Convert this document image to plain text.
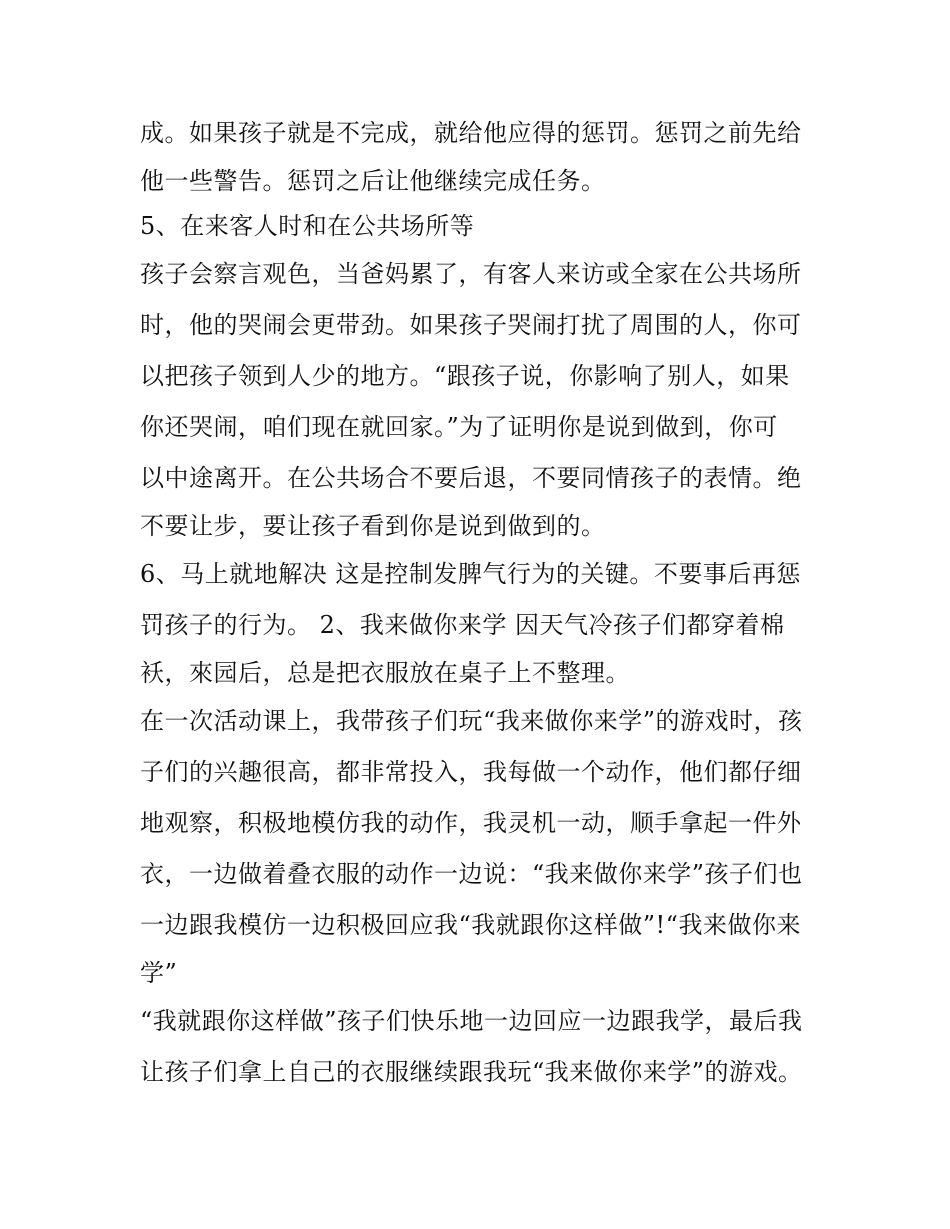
成。如果孩子就是不完成，就给他应得的惩罚。惩罚之前先给
他一些警告。惩罚之后让他继续完成任务。
5、在来客人时和在公共场所等
孩子会察言观色，当爸妈累了，有客人来访或全家在公共场所
时，他的哭闹会更带劲。如果孩子哭闹打扰了周围的人，你可
以把孩子领到人少的地方。“跟孩子说，你影响了别人，如果
你还哭闹，咱们现在就回家。”为了证明你是说到做到，你可
以中途离开。在公共场合不要后退，不要同情孩子的表情。绝
不要让步，要让孩子看到你是说到做到的。
6、马上就地解决 这是控制发脾气行为的关键。不要事后再惩
罚孩子的行为。 2、我来做你来学 因天气冷孩子们都穿着棉
袄，來园后，总是把衣服放在桌子上不整理。
在一次活动课上，我带孩子们玩“我来做你来学”的游戏时，孩
子们的兴趣很高，都非常投入，我每做一个动作，他们都仔细
地观察，积极地模仿我的动作，我灵机一动，顺手拿起一件外
衣，一边做着叠衣服的动作一边说：“我来做你来学”孩子们也
一边跟我模仿一边积极回应我“我就跟你这样做”!“我来做你来
学”
“我就跟你这样做”孩子们快乐地一边回应一边跟我学，最后我
让孩子们拿上自己的衣服继续跟我玩“我来做你来学”的游戏。
